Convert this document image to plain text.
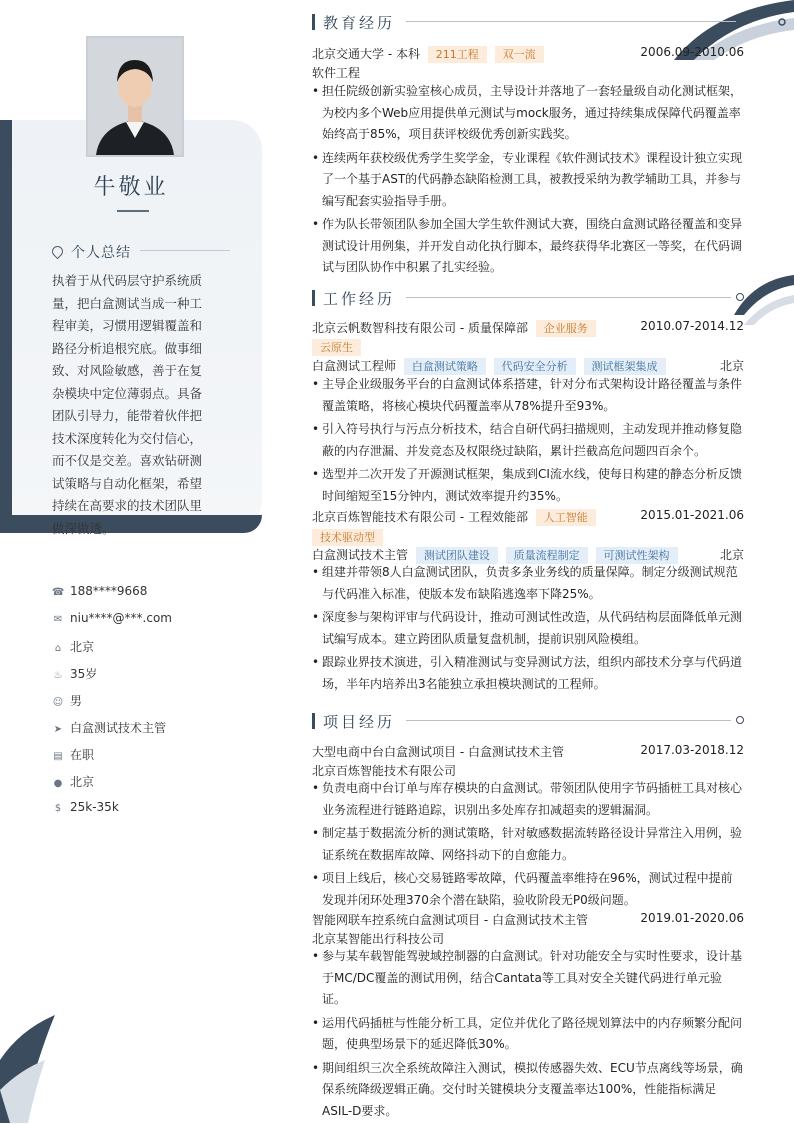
牛敬业
个人总结
执着于从代码层守护系统质量，把白盒测试当成一种工程审美，习惯用逻辑覆盖和路径分析追根究底。做事细致、对风险敏感，善于在复杂模块中定位薄弱点。具备团队引导力，能带着伙伴把技术深度转化为交付信心，而不仅是交差。喜欢钻研测试策略与自动化框架，希望持续在高要求的技术团队里做深做透。
☎ 188****9668
✉ niu****@***.com
⌂ 北京
♨ 35岁
☺ 男
➤ 白盒测试技术主管
▤ 在职
● 北京
$ 25k-35k
教育经历
北京交通大学 - 本科 211工程 双一流	2006.09-2010.06
软件工程
• 担任院级创新实验室核心成员，主导设计并落地了一套轻量级自动化测试框架，为校内多个Web应用提供单元测试与mock服务，通过持续集成保障代码覆盖率始终高于85%，项目获评校级优秀创新实践奖。
• 连续两年获校级优秀学生奖学金，专业课程《软件测试技术》课程设计独立实现了一个基于AST的代码静态缺陷检测工具，被教授采纳为教学辅助工具，并参与编写配套实验指导手册。
• 作为队长带领团队参加全国大学生软件测试大赛，围绕白盒测试路径覆盖和变异测试设计用例集，并开发自动化执行脚本，最终获得华北赛区一等奖，在代码调试与团队协作中积累了扎实经验。
工作经历
北京云帆数智科技有限公司 - 质量保障部 企业服务	2010.07-2014.12
云原生
白盒测试工程师 白盒测试策略 代码安全分析 测试框架集成	北京
• 主导企业级服务平台的白盒测试体系搭建，针对分布式架构设计路径覆盖与条件覆盖策略，将核心模块代码覆盖率从78%提升至93%。
• 引入符号执行与污点分析技术，结合自研代码扫描规则，主动发现并推动修复隐蔽的内存泄漏、并发竞态及权限绕过缺陷，累计拦截高危问题四百余个。
• 选型并二次开发了开源测试框架，集成到CI流水线，使每日构建的静态分析反馈时间缩短至15分钟内，测试效率提升约35%。
北京百炼智能技术有限公司 - 工程效能部 人工智能	2015.01-2021.06
技术驱动型
白盒测试技术主管 测试团队建设 质量流程制定 可测试性架构	北京
• 组建并带领8人白盒测试团队，负责多条业务线的质量保障。制定分级测试规范与代码准入标准，使版本发布缺陷逃逸率下降25%。
• 深度参与架构评审与代码设计，推动可测试性改造，从代码结构层面降低单元测试编写成本。建立跨团队质量复盘机制，提前识别风险模组。
• 跟踪业界技术演进，引入精准测试与变异测试方法，组织内部技术分享与代码道场，半年内培养出3名能独立承担模块测试的工程师。
项目经历
大型电商中台白盒测试项目 - 白盒测试技术主管	2017.03-2018.12
北京百炼智能技术有限公司
• 负责电商中台订单与库存模块的白盒测试。带领团队使用字节码插桩工具对核心业务流程进行链路追踪，识别出多处库存扣减超卖的逻辑漏洞。
• 制定基于数据流分析的测试策略，针对敏感数据流转路径设计异常注入用例，验证系统在数据库故障、网络抖动下的自愈能力。
• 项目上线后，核心交易链路零故障，代码覆盖率维持在96%，测试过程中提前发现并闭环处理370余个潜在缺陷，验收阶段无P0级问题。
智能网联车控系统白盒测试项目 - 白盒测试技术主管	2019.01-2020.06
北京某智能出行科技公司
• 参与某车载智能驾驶域控制器的白盒测试。针对功能安全与实时性要求，设计基于MC/DC覆盖的测试用例，结合Cantata等工具对安全关键代码进行单元验证。
• 运用代码插桩与性能分析工具，定位并优化了路径规划算法中的内存频繁分配问题，使典型场景下的延迟降低30%。
• 期间组织三次全系统故障注入测试，模拟传感器失效、ECU节点离线等场景，确保系统降级逻辑正确。交付时关键模块分支覆盖率达100%，性能指标满足ASIL-D要求。
